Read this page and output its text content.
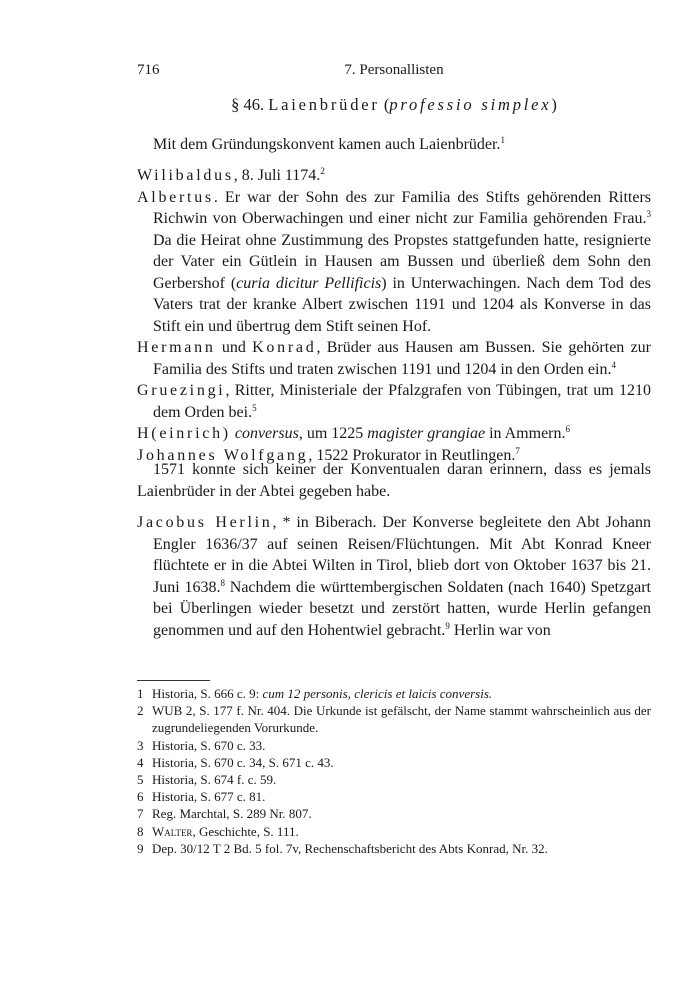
716	7. Personallisten
§ 46. Laienbrüder (professio simplex)

Mit dem Gründungskonvent kamen auch Laienbrüder.$^1$

Wilibaldus, 8. Juli 1174.$^2$

Albertus. Er war der Sohn des zur Familia des Stifts gehörenden Ritters Richwin von Oberwachingen und einer nicht zur Familia gehörenden Frau.$^3$ Da die Heirat ohne Zustimmung des Propstes stattgefunden hatte, resignierte der Vater ein Gütlein in Hausen am Bussen und überließ dem Sohn den Gerbershof (curia dicitur Pellificis) in Unterwachingen. Nach dem Tod des Vaters trat der kranke Albert zwischen 1191 und 1204 als Konverse in das Stift ein und übertrug dem Stift seinen Hof.

Hermann und Konrad, Brüder aus Hausen am Bussen. Sie gehörten zur Familia des Stifts und traten zwischen 1191 und 1204 in den Orden ein.$^4$

Gruezingi, Ritter, Ministeriale der Pfalzgrafen von Tübingen, trat um 1210 dem Orden bei.$^5$

H(einrich) conversus, um 1225 magister grangiae in Ammern.$^6$

Johannes Wolfgang, 1522 Prokurator in Reutlingen.$^7$

1571 konnte sich keiner der Konventualen daran erinnern, dass es jemals Laienbrüder in der Abtei gegeben habe.

Jacobus Herlin, * in Biberach. Der Konverse begleitete den Abt Johann Engler 1636/37 auf seinen Reisen/Flüchtungen. Mit Abt Konrad Kneer flüchtete er in die Abtei Wilten in Tirol, blieb dort von Oktober 1637 bis 21. Juni 1638.$^8$ Nachdem die württembergischen Soldaten (nach 1640) Spetzgart bei Überlingen wieder besetzt und zerstört hatten, wurde Herlin gefangen genommen und auf den Hohentwiel gebracht.$^9$ Herlin war von

1 Historia, S. 666 c. 9: cum 12 personis, clericis et laicis conversis.
2 WUB 2, S. 177 f. Nr. 404. Die Urkunde ist gefälscht, der Name stammt wahrscheinlich aus der zugrundeliegenden Vorurkunde.
3 Historia, S. 670 c. 33.
4 Historia, S. 670 c. 34, S. 671 c. 43.
5 Historia, S. 674 f. c. 59.
6 Historia, S. 677 c. 81.
7 Reg. Marchtal, S. 289 Nr. 807.
8 Walter, Geschichte, S. 111.
9 Dep. 30/12 T 2 Bd. 5 fol. 7v, Rechenschaftsbericht des Abts Konrad, Nr. 32.
